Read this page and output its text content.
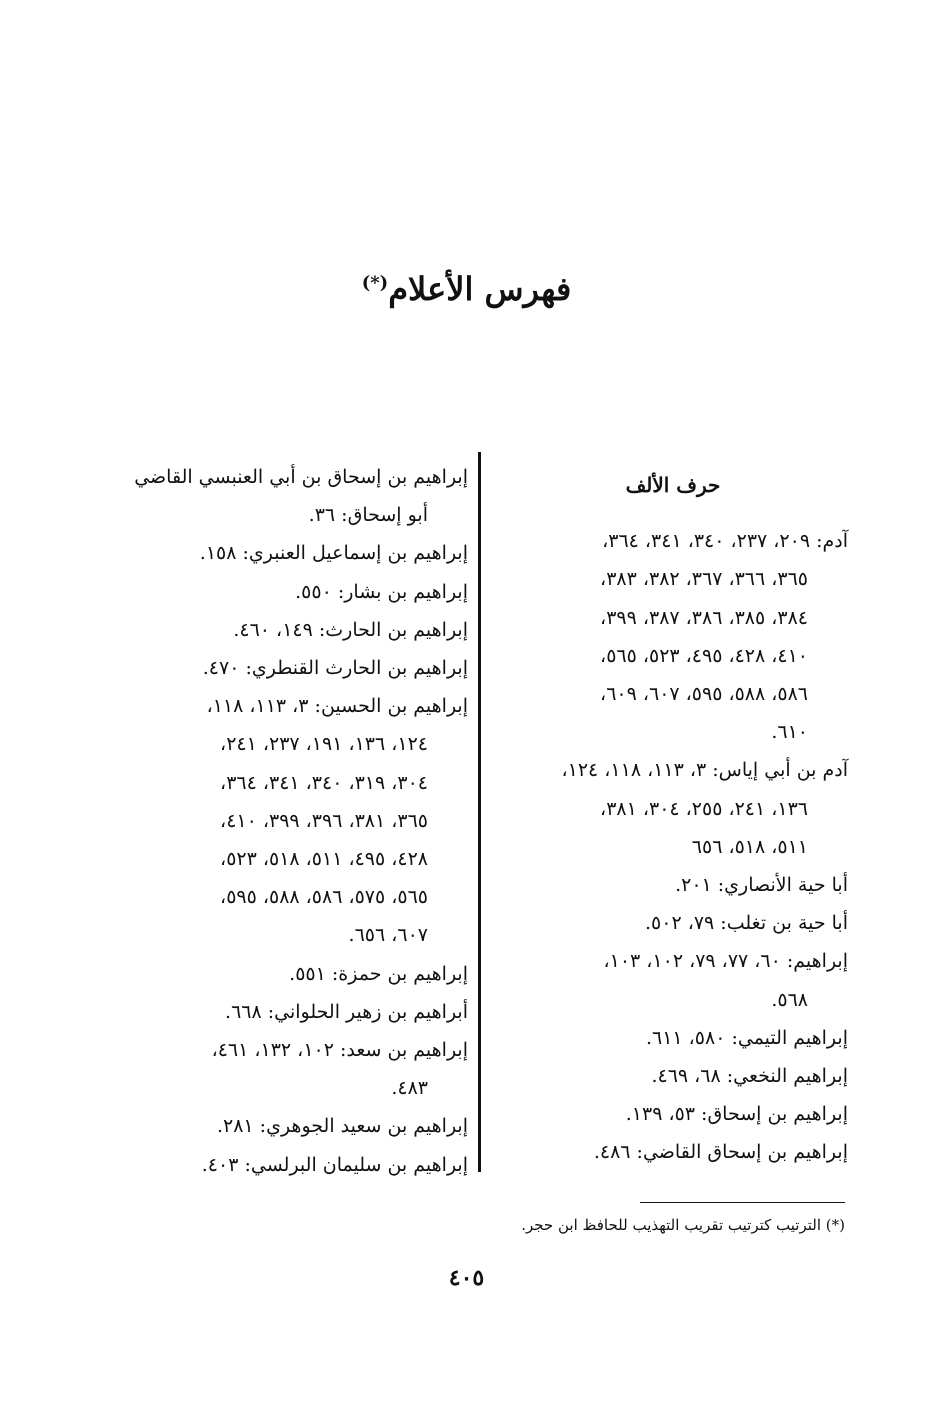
فهرس الأعلام(*)
حرف الألف
آدم: ٢٠٩، ٢٣٧، ٣٤٠، ٣٤١، ٣٦٤،
٣٦٥، ٣٦٦، ٣٦٧، ٣٨٢، ٣٨٣،
٣٨٤، ٣٨٥، ٣٨٦، ٣٨٧، ٣٩٩،
٤١٠، ٤٢٨، ٤٩٥، ٥٢٣، ٥٦٥،
٥٨٦، ٥٨٨، ٥٩٥، ٦٠٧، ٦٠٩،
٦١٠.
آدم بن أبي إياس: ٣، ١١٣، ١١٨، ١٢٤،
١٣٦، ٢٤١، ٢٥٥، ٣٠٤، ٣٨١،
٥١١، ٥١٨، ٦٥٦
أبا حية الأنصاري: ٢٠١.
أبا حية بن تغلب: ٧٩، ٥٠٢.
إبراهيم: ٦٠، ٧٧، ٧٩، ١٠٢، ١٠٣،
٥٦٨.
إبراهيم التيمي: ٥٨٠، ٦١١.
إبراهيم النخعي: ٦٨، ٤٦٩.
إبراهيم بن إسحاق: ٥٣، ١٣٩.
إبراهيم بن إسحاق القاضي: ٤٨٦.
إبراهيم بن إسحاق بن أبي العنبسي القاضي
أبو إسحاق: ٣٦.
إبراهيم بن إسماعيل العنبري: ١٥٨.
إبراهيم بن بشار: ٥٥٠.
إبراهيم بن الحارث: ١٤٩، ٤٦٠.
إبراهيم بن الحارث القنطري: ٤٧٠.
إبراهيم بن الحسين: ٣، ١١٣، ١١٨،
١٢٤، ١٣٦، ١٩١، ٢٣٧، ٢٤١،
٣٠٤، ٣١٩، ٣٤٠، ٣٤١، ٣٦٤،
٣٦٥، ٣٨١، ٣٩٦، ٣٩٩، ٤١٠،
٤٢٨، ٤٩٥، ٥١١، ٥١٨، ٥٢٣،
٥٦٥، ٥٧٥، ٥٨٦، ٥٨٨، ٥٩٥،
٦٠٧، ٦٥٦.
إبراهيم بن حمزة: ٥٥١.
أبراهيم بن زهير الحلواني: ٦٦٨.
إبراهيم بن سعد: ١٠٢، ١٣٢، ٤٦١،
٤٨٣.
إبراهيم بن سعيد الجوهري: ٢٨١.
إبراهيم بن سليمان البرلسي: ٤٠٣.
(*) الترتيب كترتيب تقريب التهذيب للحافظ ابن حجر.
٤٠٥
